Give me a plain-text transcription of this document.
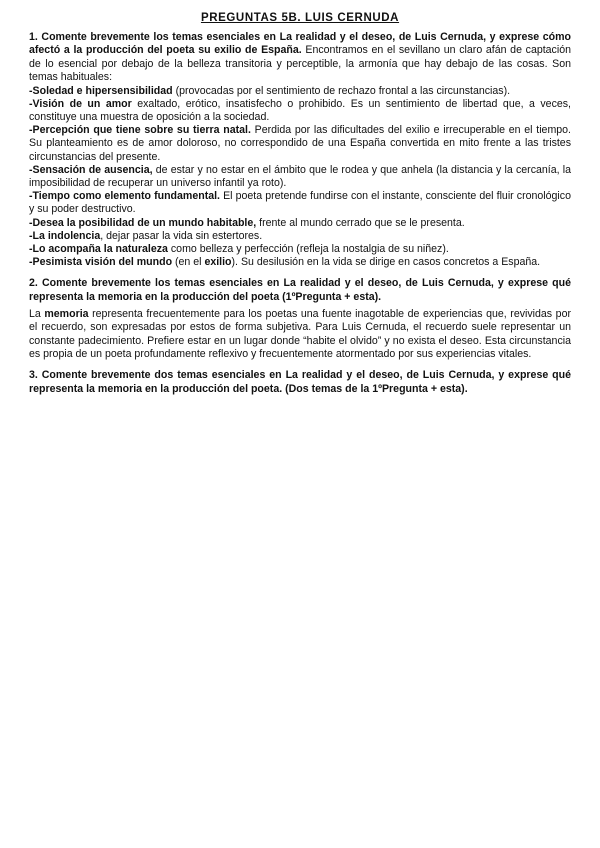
PREGUNTAS 5B. LUIS CERNUDA

1. Comente brevemente los temas esenciales en La realidad y el deseo, de Luis Cernuda, y exprese cómo afectó a la producción del poeta su exilio de España. Encontramos en el sevillano un claro afán de captación de lo esencial por debajo de la belleza transitoria y perceptible, la armonía que hay debajo de las cosas. Son temas habituales:

-Soledad e hipersensibilidad (provocadas por el sentimiento de rechazo frontal a las circunstancias).

-Visión de un amor exaltado, erótico, insatisfecho o prohibido. Es un sentimiento de libertad que, a veces, constituye una muestra de oposición a la sociedad.

-Percepción que tiene sobre su tierra natal. Perdida por las dificultades del exilio e irrecuperable en el tiempo. Su planteamiento es de amor doloroso, no correspondido de una España convertida en mito frente a las tristes circunstancias del presente.

-Sensación de ausencia, de estar y no estar en el ámbito que le rodea y que anhela (la distancia y la cercanía, la imposibilidad de recuperar un universo infantil ya roto).

-Tiempo como elemento fundamental. El poeta pretende fundirse con el instante, consciente del fluir cronológico y su poder destructivo.

-Desea la posibilidad de un mundo habitable, frente al mundo cerrado que se le presenta.

-La indolencia, dejar pasar la vida sin estertores.

-Lo acompaña la naturaleza como belleza y perfección (refleja la nostalgia de su niñez).

-Pesimista visión del mundo (en el exilio). Su desilusión en la vida se dirige en casos concretos a España.

2. Comente brevemente los temas esenciales en La realidad y el deseo, de Luis Cernuda, y exprese qué representa la memoria en la producción del poeta (1ºPregunta + esta).

La memoria representa frecuentemente para los poetas una fuente inagotable de experiencias que, revividas por el recuerdo, son expresadas por estos de forma subjetiva. Para Luis Cernuda, el recuerdo suele representar un constante padecimiento. Prefiere estar en un lugar donde “habite el olvido” y no exista el deseo. Esta circunstancia es propia de un poeta profundamente reflexivo y frecuentemente atormentado por sus experiencias vitales.

3. Comente brevemente dos temas esenciales en La realidad y el deseo, de Luis Cernuda, y exprese qué representa la memoria en la producción del poeta. (Dos temas de la 1ºPregunta + esta).
